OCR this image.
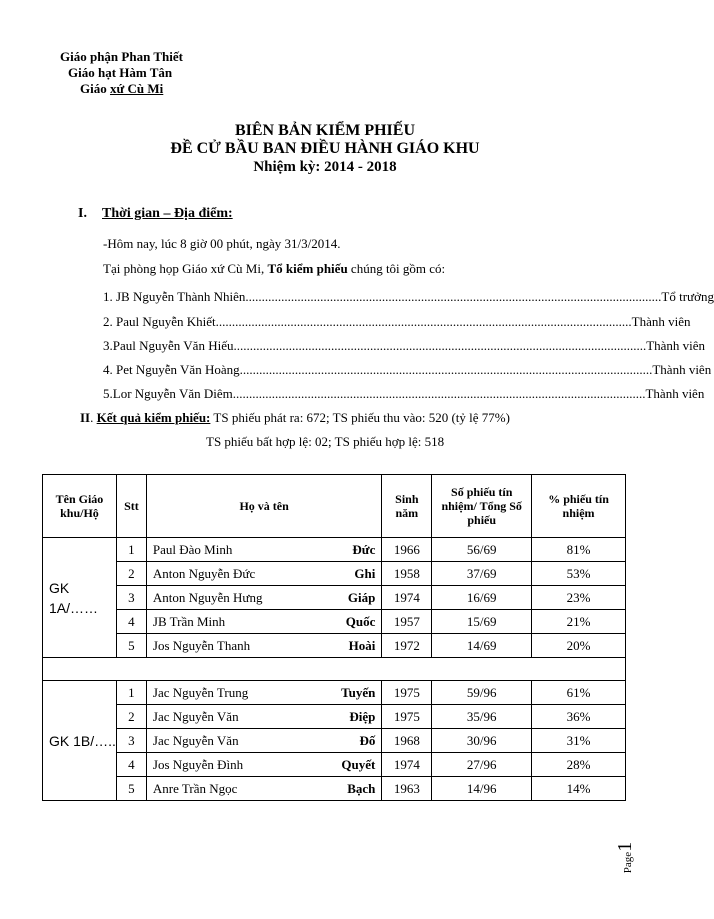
Giáo phận Phan Thiết
Giáo hạt Hàm Tân
Giáo xứ Cù Mi
BIÊN BẢN KIỂM PHIẾU
ĐỀ CỬ BẦU BAN ĐIỀU HÀNH GIÁO KHU
Nhiệm kỳ: 2014 - 2018
I. Thời gian – Địa điểm:
-Hôm nay, lúc 8 giờ 00 phút, ngày 31/3/2014.
Tại phòng họp Giáo xứ Cù Mi, Tổ kiểm phiếu chúng tôi gồm có:
1. JB Nguyễn Thành Nhiên. ............................................................................................................................... Tổ trưởng
2. Paul Nguyễn Khiết. ............................................................................................................................... Thành viên
3.Paul Nguyễn Văn Hiếu ............................................................................................................................... Thành viên
4. Pet Nguyễn Văn Hoàng ............................................................................................................................... Thành viên
5.Lor Nguyễn Văn Diêm ............................................................................................................................... Thành viên
II. Kết quả kiểm phiếu: TS phiếu phát ra: 672; TS phiếu thu vào: 520 (tỷ lệ 77%)
TS phiếu bất hợp lệ: 02; TS phiếu hợp lệ: 518
Tên Giáo khu/Hộ	Stt	Họ và tên	Sinh năm	Số phiếu tín nhiệm/ Tổng Số phiếu	% phiếu tín nhiệm
GK 1A/……	1	Paul Đào Minh Đức	1966	56/69	81%
	2	Anton Nguyễn Đức Ghi	1958	37/69	53%
	3	Anton Nguyễn Hưng Giáp	1974	16/69	23%
	4	JB Trần Minh Quốc	1957	15/69	21%
	5	Jos Nguyễn Thanh Hoài	1972	14/69	20%

GK 1B/…..	1	Jac Nguyễn Trung Tuyến	1975	59/96	61%
	2	Jac Nguyễn Văn Điệp	1975	35/96	36%
	3	Jac Nguyễn Văn Đố	1968	30/96	31%
	4	Jos Nguyễn Đình Quyết	1974	27/96	28%
	5	Anre Trần Ngọc Bạch	1963	14/96	14%
Page1
